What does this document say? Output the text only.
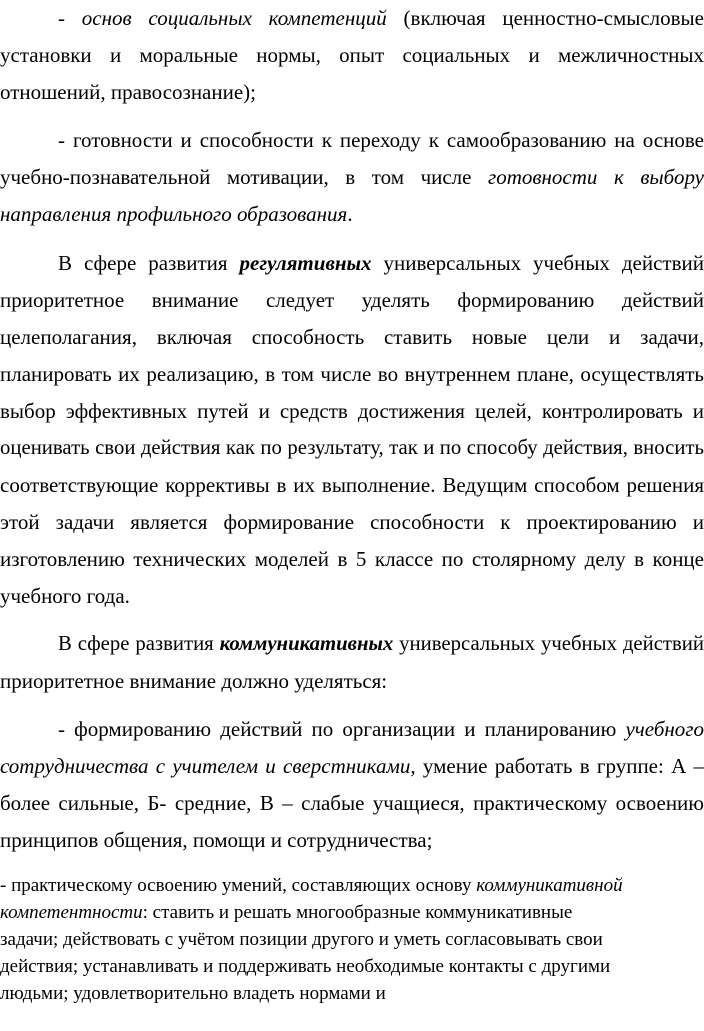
- основ социальных компетенций (включая ценностно-смысловые
установки и моральные нормы, опыт социальных и межличностных
отношений, правосознание);
- готовности и способности к переходу к самообразованию на основе
учебно-познавательной мотивации, в том числе готовности к выбору
направления профильного образования.
В сфере развития регулятивных универсальных учебных действий
приоритетное внимание следует уделять формированию действий
целеполагания, включая способность ставить новые цели и задачи,
планировать их реализацию, в том числе во внутреннем плане, осуществлять
выбор эффективных путей и средств достижения целей, контролировать и
оценивать свои действия как по результату, так и по способу действия, вносить
соответствующие коррективы в их выполнение. Ведущим способом решения
этой задачи является формирование способности к проектированию и
изготовлению технических моделей в 5 классе по столярному делу в конце
учебного года.
В сфере развития коммуникативных универсальных учебных действий
приоритетное внимание должно уделяться:
- формированию действий по организации и планированию учебного
сотрудничества с учителем и сверстниками, умение работать в группе: А –
более сильные, Б- средние, В – слабые учащиеся, практическому освоению
принципов общения, помощи и сотрудничества;
- практическому освоению умений, составляющих основу коммуникативной
компетентности: ставить и решать многообразные коммуникативные
задачи; действовать с учётом позиции другого и уметь согласовывать свои
действия; устанавливать и поддерживать необходимые контакты с другими
людьми; удовлетворительно владеть нормами и
